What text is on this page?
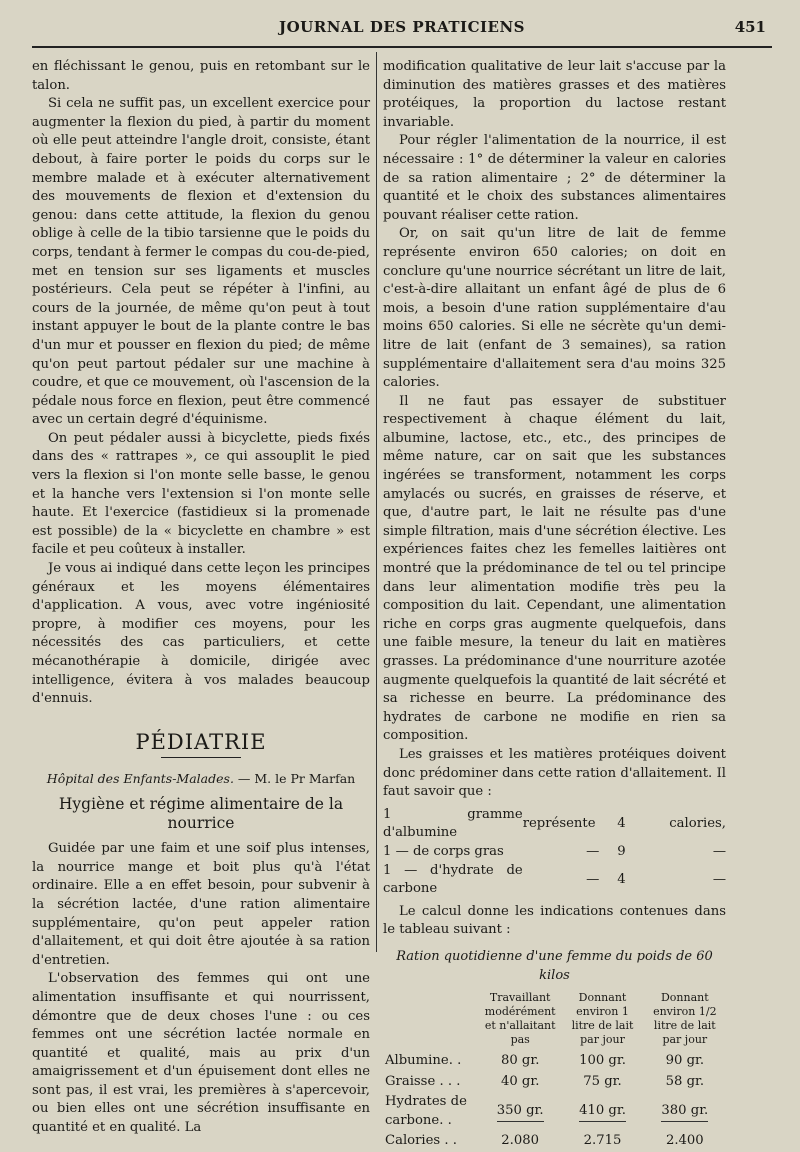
JOURNAL DES PRATICIENS	451

en fléchissant le genou, puis en retombant sur le talon.

Si cela ne suffit pas, un excellent exercice pour augmenter la flexion du pied, à partir du moment où elle peut atteindre l'angle droit, consiste, étant debout, à faire porter le poids du corps sur le membre malade et à exécuter alternativement des mouvements de flexion et d'extension du genou: dans cette attitude, la flexion du genou oblige à celle de la tibio tarsienne que le poids du corps, tendant à fermer le compas du cou-de-pied, met en tension sur ses ligaments et muscles postérieurs. Cela peut se répéter à l'infini, au cours de la journée, de même qu'on peut à tout instant appuyer le bout de la plante contre le bas d'un mur et pousser en flexion du pied; de même qu'on peut partout pédaler sur une machine à coudre, et que ce mouvement, où l'ascension de la pédale nous force en flexion, peut être commencé avec un certain degré d'équinisme.

On peut pédaler aussi à bicyclette, pieds fixés dans des « rattrapes », ce qui assouplit le pied vers la flexion si l'on monte selle basse, le genou et la hanche vers l'extension si l'on monte selle haute. Et l'exercice (fastidieux si la promenade est possible) de la « bicyclette en chambre » est facile et peu coûteux à installer.

Je vous ai indiqué dans cette leçon les principes généraux et les moyens élémentaires d'application. A vous, avec votre ingéniosité propre, à modifier ces moyens, pour les nécessités des cas particuliers, et cette mécanothérapie à domicile, dirigée avec intelligence, évitera à vos malades beaucoup d'ennuis.

PÉDIATRIE
Hôpital des Enfants-Malades. — M. le Pr Marfan
Hygiène et régime alimentaire de la nourrice

Guidée par une faim et une soif plus intenses, la nourrice mange et boit plus qu'à l'état ordinaire. Elle a en effet besoin, pour subvenir à la sécrétion lactée, d'une ration alimentaire supplémentaire, qu'on peut appeler ration d'allaitement, et qui doit être ajoutée à sa ration d'entretien.

L'observation des femmes qui ont une alimentation insuffisante et qui nourrissent, démontre que de deux choses l'une : ou ces femmes ont une sécrétion lactée normale en quantité et qualité, mais au prix d'un amaigrissement et d'un épuisement dont elles ne sont pas, il est vrai, les premières à s'apercevoir, ou bien elles ont une sécrétion insuffisante en quantité et en qualité. La

modification qualitative de leur lait s'accuse par la diminution des matières grasses et des matières protéiques, la proportion du lactose restant invariable.

Pour régler l'alimentation de la nourrice, il est nécessaire : 1° de déterminer la valeur en calories de sa ration alimentaire ; 2° de déterminer la quantité et le choix des substances alimentaires pouvant réaliser cette ration.

Or, on sait qu'un litre de lait de femme représente environ 650 calories; on doit en conclure qu'une nourrice sécrétant un litre de lait, c'est-à-dire allaitant un enfant âgé de plus de 6 mois, a besoin d'une ration supplémentaire d'au moins 650 calories. Si elle ne sécrète qu'un demi-litre de lait (enfant de 3 semaines), sa ration supplémentaire d'allaitement sera d'au moins 325 calories.

Il ne faut pas essayer de substituer respectivement à chaque élément du lait, albumine, lactose, etc., etc., des principes de même nature, car on sait que les substances ingérées se transforment, notamment les corps amylacés ou sucrés, en graisses de réserve, et que, d'autre part, le lait ne résulte pas d'une simple filtration, mais d'une sécrétion élective. Les expériences faites chez les femelles laitières ont montré que la prédominance de tel ou tel principe dans leur alimentation modifie très peu la composition du lait. Cependant, une alimentation riche en corps gras augmente quelquefois, dans une faible mesure, la teneur du lait en matières grasses. La prédominance d'une nourriture azotée augmente quelquefois la quantité de lait sécrété et sa richesse en beurre. La prédominance des hydrates de carbone ne modifie en rien sa composition.

Les graisses et les matières protéiques doivent donc prédominer dans cette ration d'allaitement. Il faut savoir que :

1 gramme d'albumine	représente	4	calories,
1 — de corps gras	—	9	—
1 — d'hydrate de carbone	—	4	—

Le calcul donne les indications contenues dans le tableau suivant :

Ration quotidienne d'une femme du poids de 60 kilos
	Travaillant modérément et n'allaitant pas	Donnant environ 1 litre de lait par jour	Donnant environ 1/2 litre de lait par jour
Albumine. .	80 gr.	100 gr.	90 gr.
Graisse . . .	40 gr.	75 gr.	58 gr.
Hydrates de carbone. .	350 gr.	410 gr.	380 gr.
Calories . .	2.080	2.715	2.400
